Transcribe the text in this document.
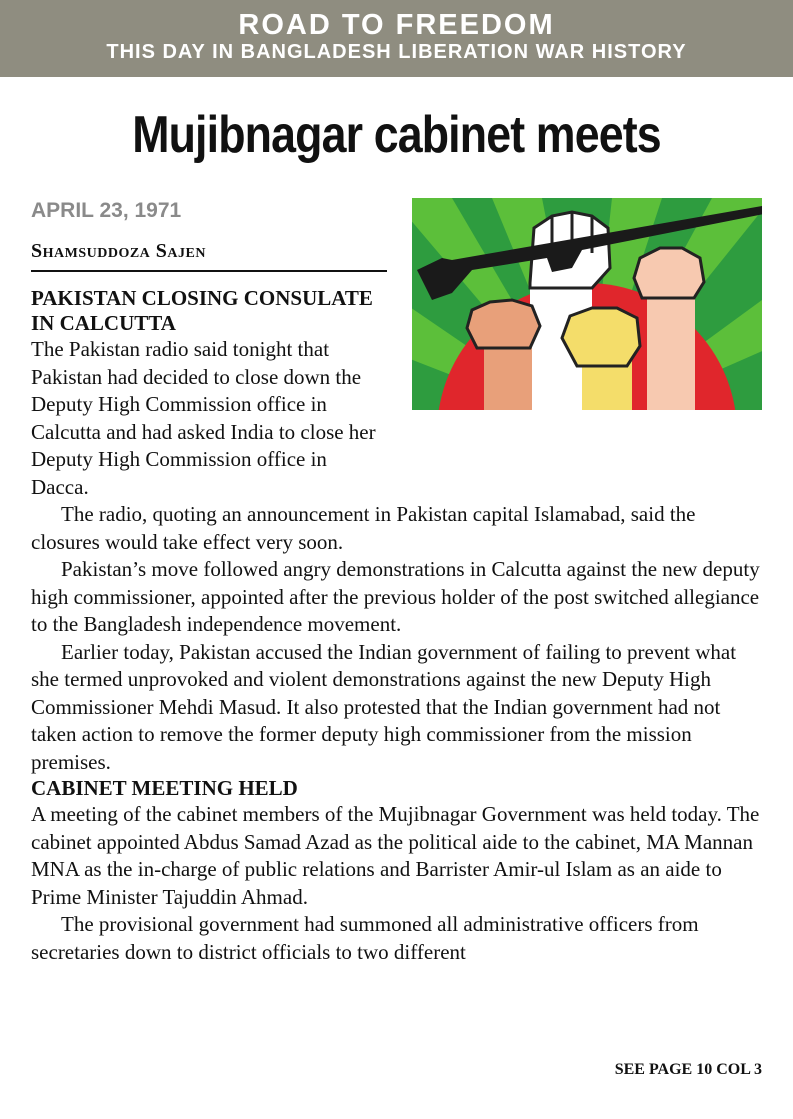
ROAD TO FREEDOM
THIS DAY IN BANGLADESH LIBERATION WAR HISTORY
Mujibnagar cabinet meets
APRIL 23, 1971
Shamsuddoza Sajen
PAKISTAN CLOSING CONSULATE IN CALCUTTA

The Pakistan radio said tonight that Pakistan had decided to close down the Deputy High Commission office in Calcutta and had asked India to close her Deputy High Commission office in Dacca.

The radio, quoting an announcement in Pakistan capital Islamabad, said the closures would take effect very soon.

Pakistan’s move followed angry demonstrations in Calcutta against the new deputy high commissioner, appointed after the previous holder of the post switched allegiance to the Bangladesh independence movement.

Earlier today, Pakistan accused the Indian government of failing to prevent what she termed unprovoked and violent demonstrations against the new Deputy High Commissioner Mehdi Masud. It also protested that the Indian government had not taken action to remove the former deputy high commissioner from the mission premises.

CABINET MEETING HELD

A meeting of the cabinet members of the Mujibnagar Government was held today. The cabinet appointed Abdus Samad Azad as the political aide to the cabinet, MA Mannan MNA as the in-charge of public relations and Barrister Amir-ul Islam as an aide to Prime Minister Tajuddin Ahmad.

The provisional government had summoned all administrative officers from secretaries down to district officials to two different

SEE PAGE 10 COL 3
